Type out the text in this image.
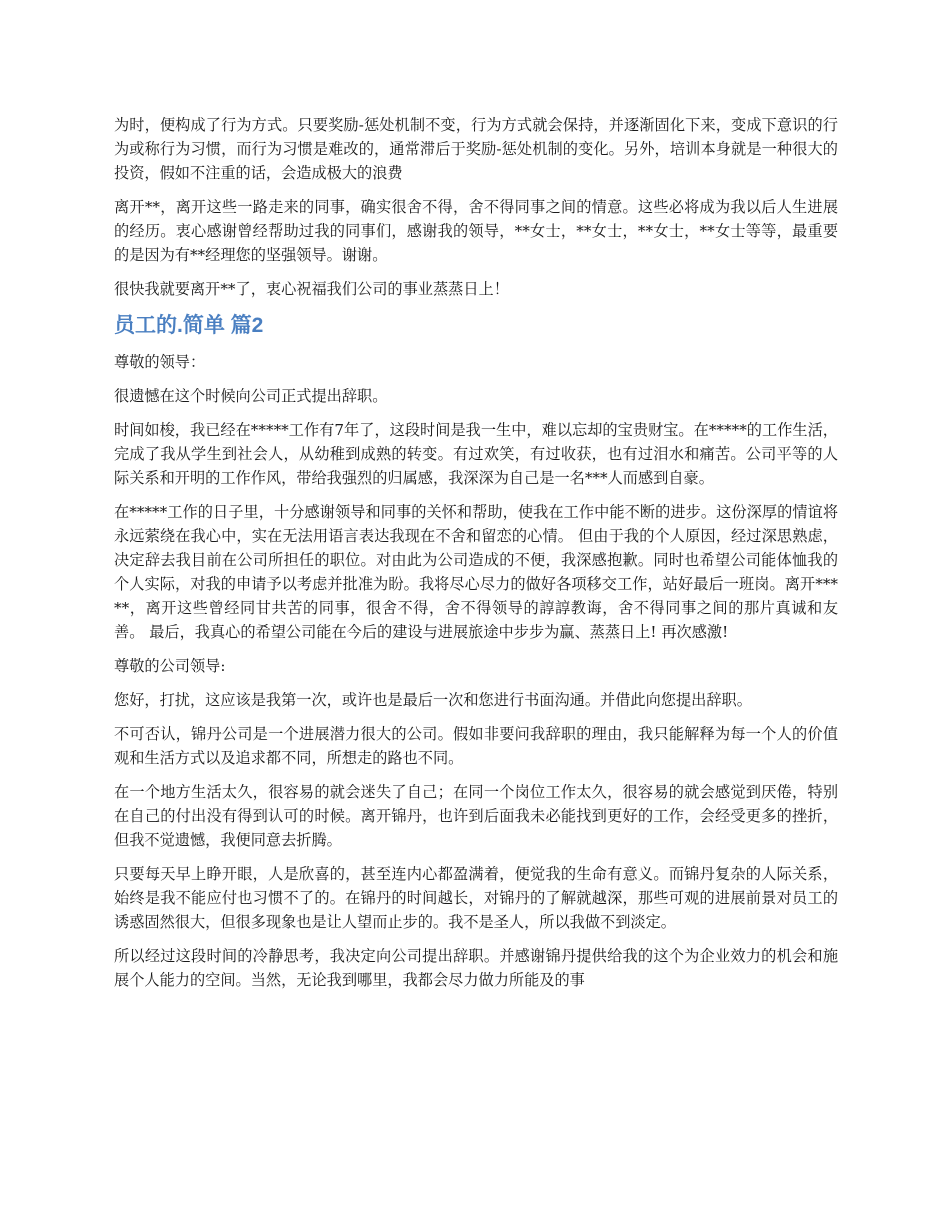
为时，便构成了行为方式。只要奖励-惩处机制不变，行为方式就会保持，并逐渐固化下来，变成下意识的行为或称行为习惯，而行为习惯是难改的，通常滞后于奖励-惩处机制的变化。另外，培训本身就是一种很大的投资，假如不注重的话，会造成极大的浪费

离开**，离开这些一路走来的同事，确实很舍不得，舍不得同事之间的情意。这些必将成为我以后人生进展的经历。衷心感谢曾经帮助过我的同事们，感谢我的领导，**女士，**女士，**女士，**女士等等，最重要的是因为有**经理您的坚强领导。谢谢。

很快我就要离开**了，衷心祝福我们公司的事业蒸蒸日上！

员工的.简单 篇2

尊敬的领导：

很遗憾在这个时候向公司正式提出辞职。

时间如梭，我已经在*****工作有7年了，这段时间是我一生中，难以忘却的宝贵财宝。在*****的工作生活，完成了我从学生到社会人，从幼稚到成熟的转变。有过欢笑，有过收获，也有过泪水和痛苦。公司平等的人际关系和开明的工作作风，带给我强烈的归属感，我深深为自己是一名***人而感到自豪。

在*****工作的日子里，十分感谢领导和同事的关怀和帮助，使我在工作中能不断的进步。这份深厚的情谊将永远萦绕在我心中，实在无法用语言表达我现在不舍和留恋的心情。 但由于我的个人原因，经过深思熟虑，决定辞去我目前在公司所担任的职位。对由此为公司造成的不便，我深感抱歉。同时也希望公司能体恤我的个人实际，对我的申请予以考虑并批准为盼。我将尽心尽力的做好各项移交工作，站好最后一班岗。离开*****，离开这些曾经同甘共苦的同事，很舍不得，舍不得领导的諄諄教诲，舍不得同事之间的那片真诚和友善。 最后，我真心的希望公司能在今后的建设与进展旅途中步步为赢、蒸蒸日上! 再次感激!

尊敬的公司领导:

您好，打扰，这应该是我第一次，或许也是最后一次和您进行书面沟通。并借此向您提出辞职。

不可否认，锦丹公司是一个进展潜力很大的公司。假如非要问我辞职的理由，我只能解释为每一个人的价值观和生活方式以及追求都不同，所想走的路也不同。

在一个地方生活太久，很容易的就会迷失了自己；在同一个岗位工作太久，很容易的就会感觉到厌倦，特别在自己的付出没有得到认可的时候。离开锦丹，也许到后面我未必能找到更好的工作，会经受更多的挫折，但我不觉遗憾，我便同意去折腾。

只要每天早上睁开眼，人是欣喜的，甚至连内心都盈满着，便觉我的生命有意义。而锦丹复杂的人际关系，始终是我不能应付也习惯不了的。在锦丹的时间越长，对锦丹的了解就越深，那些可观的进展前景对员工的诱惑固然很大，但很多现象也是让人望而止步的。我不是圣人，所以我做不到淡定。

所以经过这段时间的冷静思考，我决定向公司提出辞职。并感谢锦丹提供给我的这个为企业效力的机会和施展个人能力的空间。当然，无论我到哪里，我都会尽力做力所能及的事
